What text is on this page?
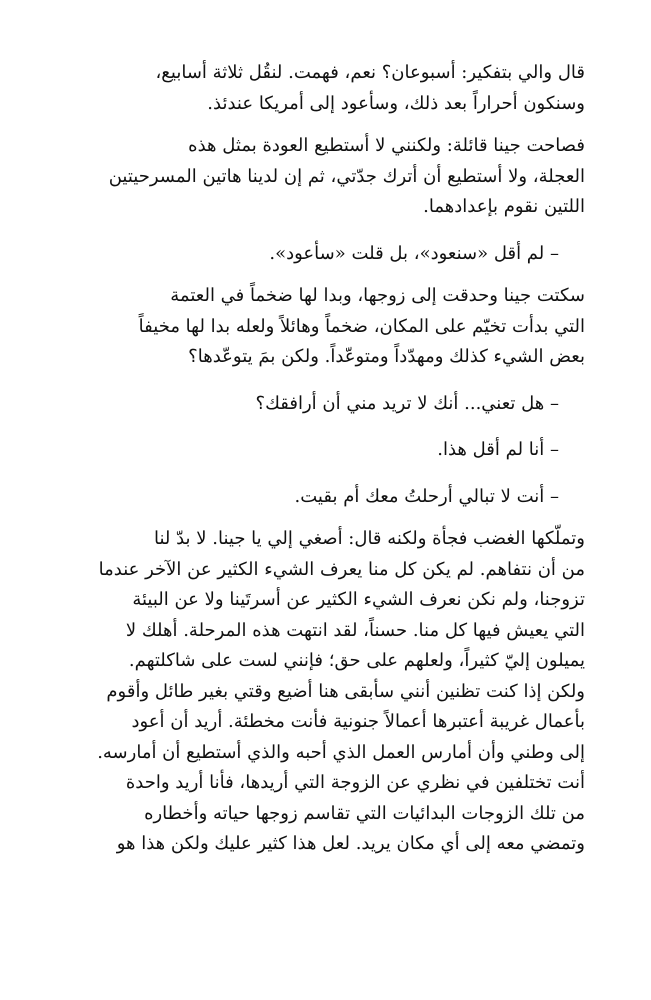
قال والي بتفكير: أسبوعان؟ نعم، فهمت. لنقُل ثلاثة أسابيع،
وسنكون أحراراً بعد ذلك، وسأعود إلى أمريكا عندئذ.

فصاحت جينا قائلة: ولكنني لا أستطيع العودة بمثل هذه
العجلة، ولا أستطيع أن أترك جدّتي، ثم إن لدينا هاتين المسرحيتين
اللتين نقوم بإعدادهما.

– لم أقل «سنعود»، بل قلت «سأعود».

سكتت جينا وحدقت إلى زوجها، وبدا لها ضخماً في العتمة
التي بدأت تخيّم على المكان، ضخماً وهائلاً ولعله بدا لها مخيفاً
بعض الشيء كذلك ومهدّداً ومتوعّداً. ولكن بمَ يتوعّدها؟

– هل تعني... أنك لا تريد مني أن أرافقك؟

– أنا لم أقل هذا.

– أنت لا تبالي أرحلتُ معك أم بقيت.

وتملّكها الغضب فجأة ولكنه قال: أصغي إلي يا جينا. لا بدّ لنا
من أن نتفاهم. لم يكن كل منا يعرف الشيء الكثير عن الآخر عندما
تزوجنا، ولم نكن نعرف الشيء الكثير عن أسرتَينا ولا عن البيئة
التي يعيش فيها كل منا. حسناً، لقد انتهت هذه المرحلة. أهلك لا
يميلون إليّ كثيراً، ولعلهم على حق؛ فإنني لست على شاكلتهم.
ولكن إذا كنت تظنين أنني سأبقى هنا أضيع وقتي بغير طائل وأقوم
بأعمال غريبة أعتبرها أعمالاً جنونية فأنت مخطئة. أريد أن أعود
إلى وطني وأن أمارس العمل الذي أحبه والذي أستطيع أن أمارسه.
أنت تختلفين في نظري عن الزوجة التي أريدها، فأنا أريد واحدة
من تلك الزوجات البدائيات التي تقاسم زوجها حياته وأخطاره
وتمضي معه إلى أي مكان يريد. لعل هذا كثير عليك ولكن هذا هو
